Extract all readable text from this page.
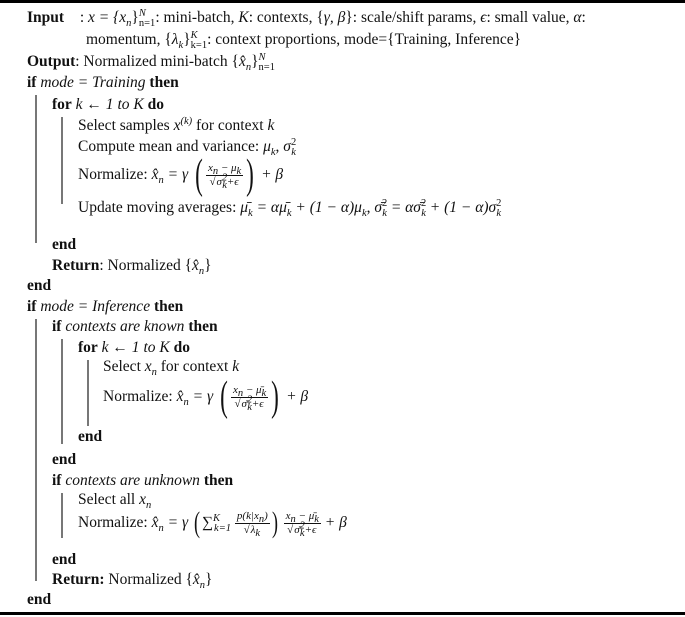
Input : $x = \{x_n\}^N_{n=1}$: mini-batch, K: contexts, {γ, β}: scale/shift params, ϵ: small value, α:
momentum, $\{\lambda_k\}^K_{k=1}$: context proportions, mode={Training, Inference}
Output: Normalized mini-batch $\{x̂_n\}^N_{n=1}$
if mode = Training then
for k ← 1 to K do
Select samples $x^{(k)}$ for context k
Compute mean and variance: $\mu_k$, $\sigma^2_k$
Normalize: $x̂_n = \gamma$ ( $\frac{x_n - \mu_k}{√\sigma^2_k+\epsilon}$ ) + β
Update moving averages: $\mū_k$ = $\alpha\mū_k + (1 - \alpha)\mu_k$, σ̄$^2_k$ = ασ̄$^2_k$ + $(1 - \alpha)\sigma^2_k$
end
Return: Normalized $\{x̂_n\}$
end
if mode = Inference then
if contexts are known then
for k ← 1 to K do
Select $x_n$ for context k
Normalize: $x̂_n = \gamma$ ( $\frac{x_n - \mū_k}{√\sigmā^2_k+\epsilon}$ ) + β
end
end
if contexts are unknown then
Select all $x_n$
Normalize: $x̂_n = \gamma$ ( $\sum^K_{k=1} \frac{p(k|x_n)}{√\lambda_k}$ ) $\frac{x_n - \mū_k}{√\sigmā^2_k+\epsilon} + \beta$
end
Return: Normalized $\{x̂_n\}$
end
